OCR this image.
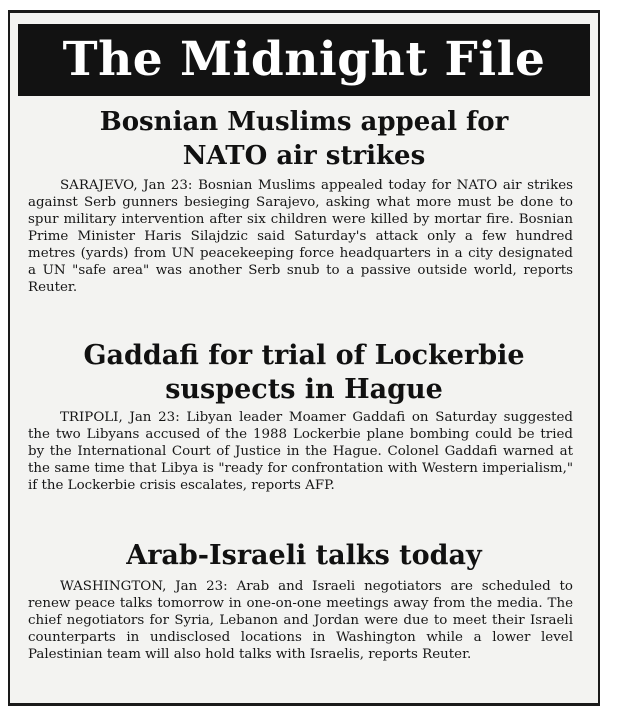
The Midnight File
Bosnian Muslims appeal for
NATO air strikes
SARAJEVO, Jan 23: Bosnian Muslims appealed today for NATO air strikes against Serb gunners besieging Sarajevo, asking what more must be done to spur military intervention after six children were killed by mortar fire. Bosnian Prime Minister Haris Silajdzic said Saturday's attack only a few hundred metres (yards) from UN peacekeeping force headquarters in a city designated a UN "safe area" was another Serb snub to a passive outside world, reports Reuter.
Gaddafi for trial of Lockerbie
suspects in Hague
TRIPOLI, Jan 23: Libyan leader Moamer Gaddafi on Saturday suggested the two Libyans accused of the 1988 Lockerbie plane bombing could be tried by the International Court of Justice in the Hague. Colonel Gaddafi warned at the same time that Libya is "ready for confrontation with Western imperialism," if the Lockerbie crisis escalates, reports AFP.
Arab-Israeli talks today
WASHINGTON, Jan 23: Arab and Israeli negotiators are scheduled to renew peace talks tomorrow in one-on-one meetings away from the media. The chief negotiators for Syria, Lebanon and Jordan were due to meet their Israeli counterparts in undisclosed locations in Washington while a lower level Palestinian team will also hold talks with Israelis, reports Reuter.
